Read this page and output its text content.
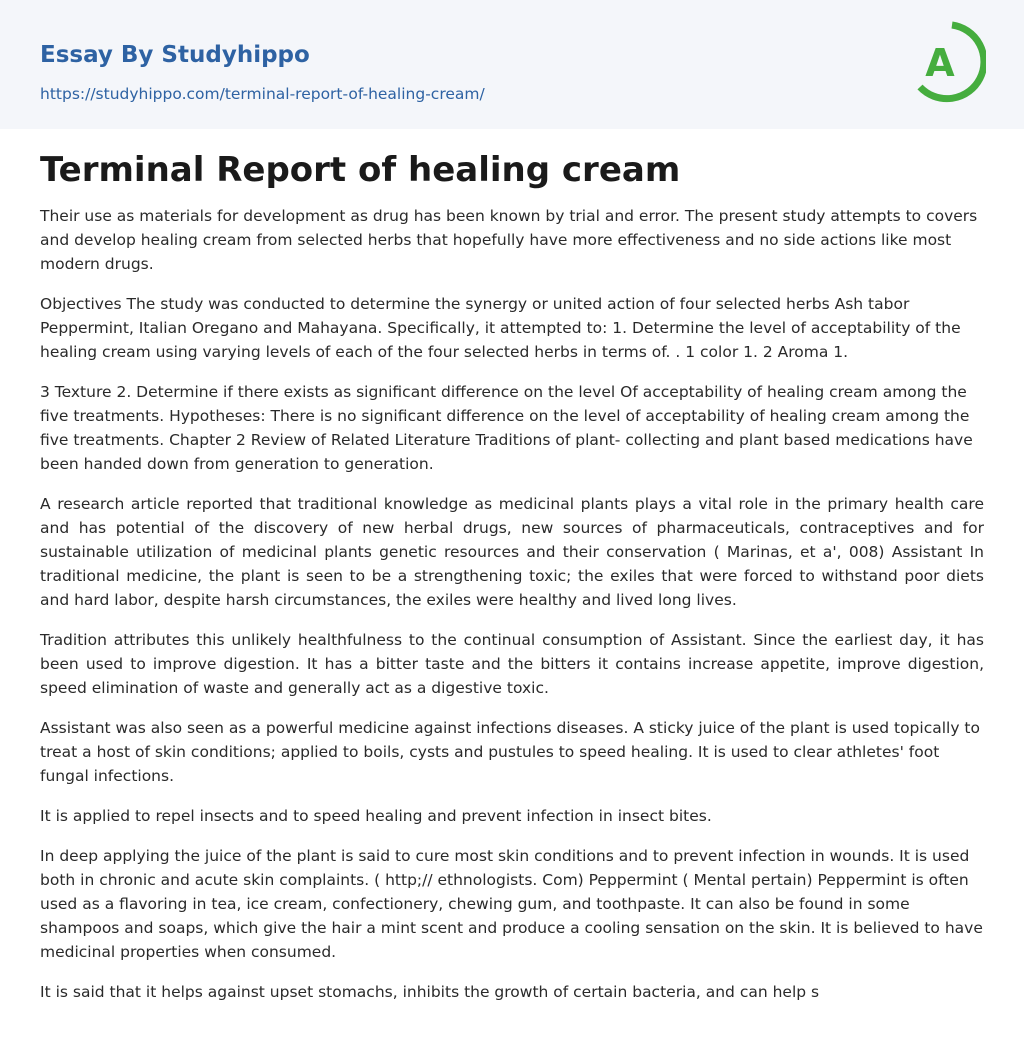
Essay By Studyhippo
https://studyhippo.com/terminal-report-of-healing-cream/
A
Terminal Report of healing cream

Their use as materials for development as drug has been known by trial and error. The present study attempts to covers and develop healing cream from selected herbs that hopefully have more effectiveness and no side actions like most modern drugs.

Objectives The study was conducted to determine the synergy or united action of four selected herbs Ash tabor Peppermint, Italian Oregano and Mahayana. Specifically, it attempted to: 1. Determine the level of acceptability of the healing cream using varying levels of each of the four selected herbs in terms of. . 1 color 1. 2 Aroma 1.

3 Texture 2. Determine if there exists as significant difference on the level Of acceptability of healing cream among the five treatments. Hypotheses: There is no significant difference on the level of acceptability of healing cream among the five treatments. Chapter 2 Review of Related Literature Traditions of plant- collecting and plant based medications have been handed down from generation to generation.

A research article reported that traditional knowledge as medicinal plants plays a vital role in the primary health care and has potential of the discovery of new herbal drugs, new sources of pharmaceuticals, contraceptives and for sustainable utilization of medicinal plants genetic resources and their conservation ( Marinas, et a', 008) Assistant In traditional medicine, the plant is seen to be a strengthening toxic; the exiles that were forced to withstand poor diets and hard labor, despite harsh circumstances, the exiles were healthy and lived long lives.

Tradition attributes this unlikely healthfulness to the continual consumption of Assistant. Since the earliest day, it has been used to improve digestion. It has a bitter taste and the bitters it contains increase appetite, improve digestion, speed elimination of waste and generally act as a digestive toxic.

Assistant was also seen as a powerful medicine against infections diseases. A sticky juice of the plant is used topically to treat a host of skin conditions; applied to boils, cysts and pustules to speed healing. It is used to clear athletes' foot fungal infections.

It is applied to repel insects and to speed healing and prevent infection in insect bites.

In deep applying the juice of the plant is said to cure most skin conditions and to prevent infection in wounds. It is used both in chronic and acute skin complaints. ( http;// ethnologists. Com) Peppermint ( Mental pertain) Peppermint is often used as a flavoring in tea, ice cream, confectionery, chewing gum, and toothpaste. It can also be found in some shampoos and soaps, which give the hair a mint scent and produce a cooling sensation on the skin. It is believed to have medicinal properties when consumed.

It is said that it helps against upset stomachs, inhibits the growth of certain bacteria, and can help s
